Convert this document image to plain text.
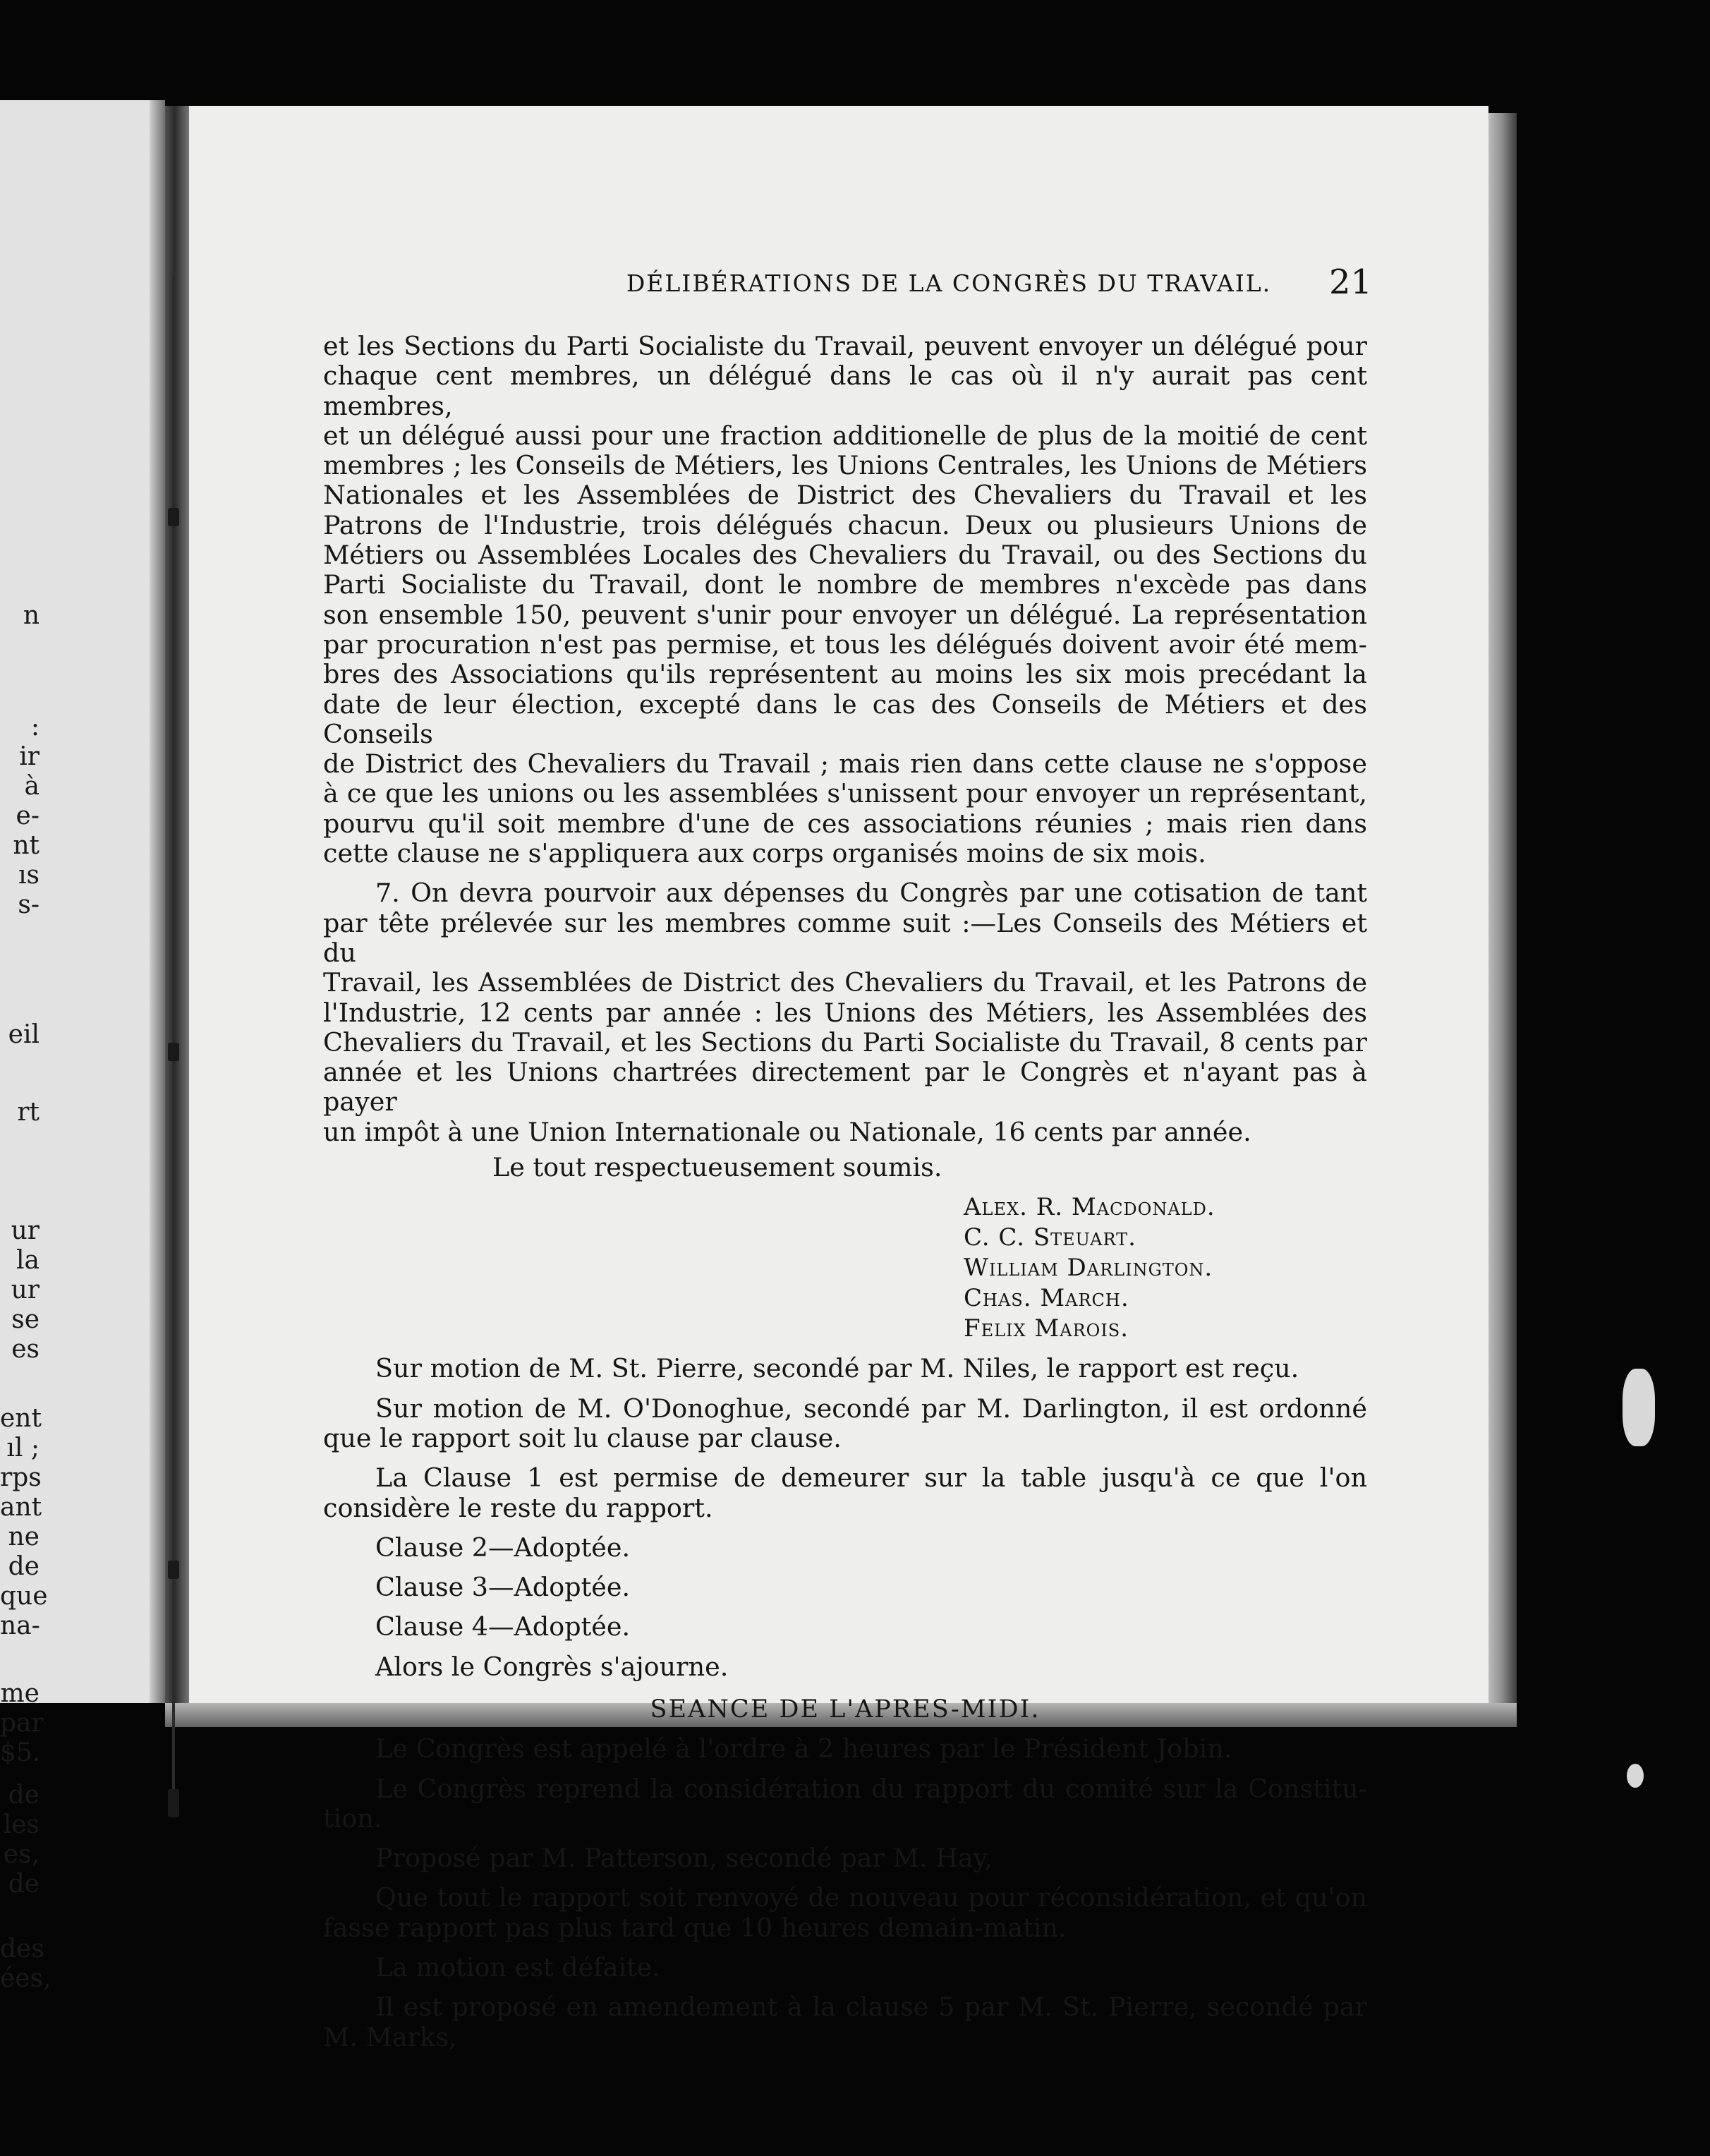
n
:
ir
à
e-
nt
ıs
s-
eil
rt
ur
la
ur
se
es
ent
ıl ;
rps
ant
ne
de
que
na-
me
par
$5.
de
les
es,
de
des
ées,
DÉLIBÉRATIONS DE LA CONGRÈS DU TRAVAIL.	21

et les Sections du Parti Socialiste du Travail, peuvent envoyer un délégué pour

chaque cent membres, un délégué dans le cas où il n'y aurait pas cent membres,

et un délégué aussi pour une fraction additionelle de plus de la moitié de cent

membres ; les Conseils de Métiers, les Unions Centrales, les Unions de Métiers

Nationales et les Assemblées de District des Chevaliers du Travail et les

Patrons de l'Industrie, trois délégués chacun. Deux ou plusieurs Unions de

Métiers ou Assemblées Locales des Chevaliers du Travail, ou des Sections du

Parti Socialiste du Travail, dont le nombre de membres n'excède pas dans

son ensemble 150, peuvent s'unir pour envoyer un délégué. La représentation

par procuration n'est pas permise, et tous les délégués doivent avoir été mem-

bres des Associations qu'ils représentent au moins les six mois precédant la

date de leur élection, excepté dans le cas des Conseils de Métiers et des Conseils

de District des Chevaliers du Travail ; mais rien dans cette clause ne s'oppose

à ce que les unions ou les assemblées s'unissent pour envoyer un représentant,

pourvu qu'il soit membre d'une de ces associations réunies ; mais rien dans

cette clause ne s'appliquera aux corps organisés moins de six mois.

7. On devra pourvoir aux dépenses du Congrès par une cotisation de tant

par tête prélevée sur les membres comme suit :—Les Conseils des Métiers et du

Travail, les Assemblées de District des Chevaliers du Travail, et les Patrons de

l'Industrie, 12 cents par année : les Unions des Métiers, les Assemblées des

Chevaliers du Travail, et les Sections du Parti Socialiste du Travail, 8 cents par

année et les Unions chartrées directement par le Congrès et n'ayant pas à payer

un impôt à une Union Internationale ou Nationale, 16 cents par année.

Le tout respectueusement soumis.

Alex. R. Macdonald.
C. C. Steuart.
William Darlington.
Chas. March.
Felix Marois.

Sur motion de M. St. Pierre, secondé par M. Niles, le rapport est reçu.

Sur motion de M. O'Donoghue, secondé par M. Darlington, il est ordonné

que le rapport soit lu clause par clause.

La Clause 1 est permise de demeurer sur la table jusqu'à ce que l'on

considère le reste du rapport.

Clause 2—Adoptée.

Clause 3—Adoptée.

Clause 4—Adoptée.

Alors le Congrès s'ajourne.

SEANCE DE L'APRES-MIDI.

Le Congrès est appelé à l'ordre à 2 heures par le Président Jobin.

Le Congrès reprend la considération du rapport du comité sur la Constitu-

tion.

Proposé par M. Patterson, secondé par M. Hay,

Que tout le rapport soit renvoyé de nouveau pour réconsidération, et qu'on

fasse rapport pas plus tard que 10 heures demain-matin.

La motion est défaite.

Il est proposé en amendement à la clause 5 par M. St. Pierre, secondé par

M. Marks,
